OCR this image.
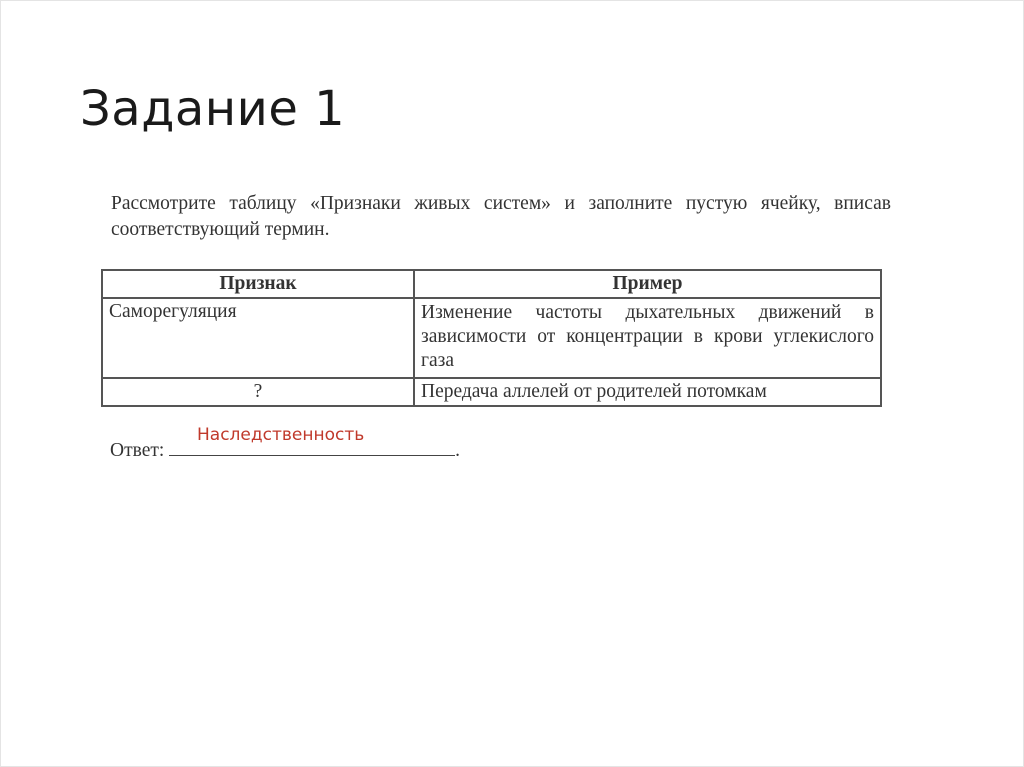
Задание 1
Рассмотрите таблицу «Признаки живых систем» и заполните пустую ячейку, вписав соответствующий термин.
Признак	Пример
Саморегуляция	Изменение частоты дыхательных движений в зависимости от концентрации в крови углекислого газа
?	Передача аллелей от родителей потомкам
Ответ:	.
Наследственность
